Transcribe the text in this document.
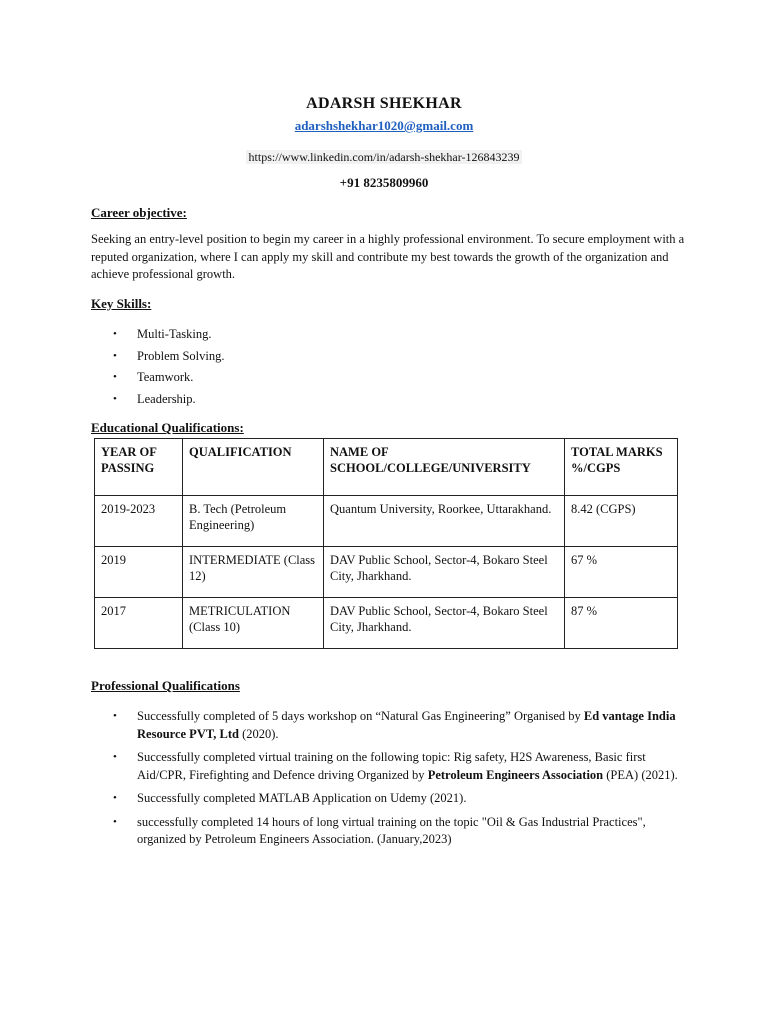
ADARSH SHEKHAR
adarshshekhar1020@gmail.com
https://www.linkedin.com/in/adarsh-shekhar-126843239
+91 8235809960
Career objective:
Seeking an entry-level position to begin my career in a highly professional environment. To secure employment with a reputed organization, where I can apply my skill and contribute my best towards the growth of the organization and achieve professional growth.
Key Skills:
• Multi-Tasking.
• Problem Solving.
• Teamwork.
• Leadership.
Educational Qualifications:
YEAR OF PASSING	QUALIFICATION	NAME OF SCHOOL/COLLEGE/UNIVERSITY	TOTAL MARKS %/CGPS
2019-2023	B. Tech (Petroleum Engineering)	Quantum University, Roorkee, Uttarakhand.	8.42 (CGPS)
2019	INTERMEDIATE (Class 12)	DAV Public School, Sector-4, Bokaro Steel City, Jharkhand.	67 %
2017	METRICULATION (Class 10)	DAV Public School, Sector-4, Bokaro Steel City, Jharkhand.	87 %
Professional Qualifications
• Successfully completed of 5 days workshop on “Natural Gas Engineering” Organised by Ed vantage India Resource PVT, Ltd (2020).
• Successfully completed virtual training on the following topic: Rig safety, H2S Awareness, Basic first Aid/CPR, Firefighting and Defence driving Organized by Petroleum Engineers Association (PEA) (2021).
• Successfully completed MATLAB Application on Udemy (2021).
• successfully completed 14 hours of long virtual training on the topic "Oil & Gas Industrial Practices", organized by Petroleum Engineers Association. (January,2023)
